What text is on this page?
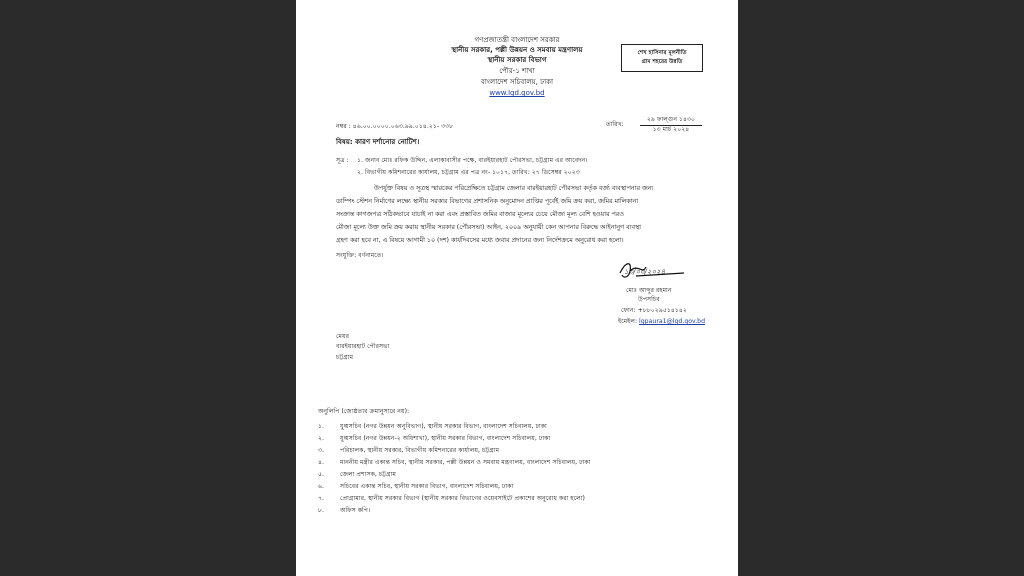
গণপ্রজাতন্ত্রী বাংলাদেশ সরকার
স্থানীয় সরকার, পল্লী উন্নয়ন ও সমবায় মন্ত্রণালয়
স্থানীয় সরকার বিভাগ
পৌর-১ শাখা
বাংলাদেশ সচিবালয়, ঢাকা
www.lgd.gov.bd
শেখ হাসিনার মূলনীতি
গ্রাম শহরের উন্নতি
নম্বর : ৪৬.০০.০০০০.০৬৩.৯৯.০১৪.২১- ৩৩৮	তারিখ:
২৯ ফাল্গুন ১৪৩০
১৩ মার্চ ২০২৪
বিষয়: কারণ দর্শানোর নোটিশ।
সূত্র : ১. জনাব মোঃ রফিক উদ্দিন, এলাকাবাসীর পক্ষে, বারইয়ারহাট পৌরসভা, চট্টগ্রাম এর আবেদন।
২. বিভাগীয় কমিশনারের কার্যালয়, চট্টগ্রাম এর পত্র নং- ১০১৭, তারিখ: ২৭ ডিসেম্বর ২০২৩
উপর্যুক্ত বিষয় ও সূত্রস্থ স্মারকের পরিপ্রেক্ষিতে চট্টগ্রাম জেলার বারইয়ারহাট পৌরসভা কর্তৃক বর্জ্য ব্যবস্থাপনার জন্য
ডাম্পিং স্টেশন নির্মাণের লক্ষ্যে স্থানীয় সরকার বিভাগের প্রশাসনিক অনুমোদন প্রাপ্তির পূর্বেই জমি ক্রয় করা, জমির মালিকানা
সংক্রান্ত কাগজপত্র সঠিকভাবে যাচাই না করা এবং প্রস্তাবিত জমির বাজার মূল্যের চেয়ে মৌজা মূল্য বেশি হওয়ার পরও
মৌজা মূল্যে উক্ত জমি ক্রয় করায় স্থানীয় সরকার (পৌরসভা) আইন, ২০০৯ অনুযায়ী কেন আপনার বিরুদ্ধে আইনানুগ ব্যবস্থা
গ্রহণ করা হবে না, এ বিষয়ে আগামী ১০ (দশ) কার্যদিবসের মধ্যে জবাব প্রদানের জন্য নির্দেশক্রমে অনুরোধ করা হলো।
সংযুক্তি: বর্ণনামতে।
১৩/০৩/২০২৪
মোঃ আব্দুর রহমান
উপসচিব
ফোন: +৮৮০২৯৫১৪১৪২
ইমেইল: lgpaura1@lgd.gov.bd
মেয়র
বারইয়ারহাট পৌরসভা
চট্টগ্রাম
অনুলিপি (জ্যেষ্ঠতার ক্রমানুসারে নয়):
১.	যুগ্মসচিব (নগর উন্নয়ন অনুবিভাগ), স্থানীয় সরকার বিভাগ, বাংলাদেশ সচিবালয়, ঢাকা
২.	যুগ্মসচিব (নগর উন্নয়ন-২ অধিশাখা), স্থানীয় সরকার বিভাগ, বাংলাদেশ সচিবালয়, ঢাকা
৩.	পরিচালক, স্থানীয় সরকার, বিভাগীয় কমিশনারের কার্যালয়, চট্টগ্রাম
৪.	মাননীয় মন্ত্রীর একান্ত সচিব, স্থানীয় সরকার, পল্লী উন্নয়ন ও সমবায় মন্ত্রণালয়, বাংলাদেশ সচিবালয়, ঢাকা
৫.	জেলা প্রশাসক, চট্টগ্রাম
৬.	সচিবের একান্ত সচিব, স্থানীয় সরকার বিভাগ, বাংলাদেশ সচিবালয়, ঢাকা
৭.	প্রোগ্রামার, স্থানীয় সরকার বিভাগ (স্থানীয় সরকার বিভাগের ওয়েবসাইটে প্রকাশের অনুরোধ করা হলো)
৮.	অফিস কপি।
